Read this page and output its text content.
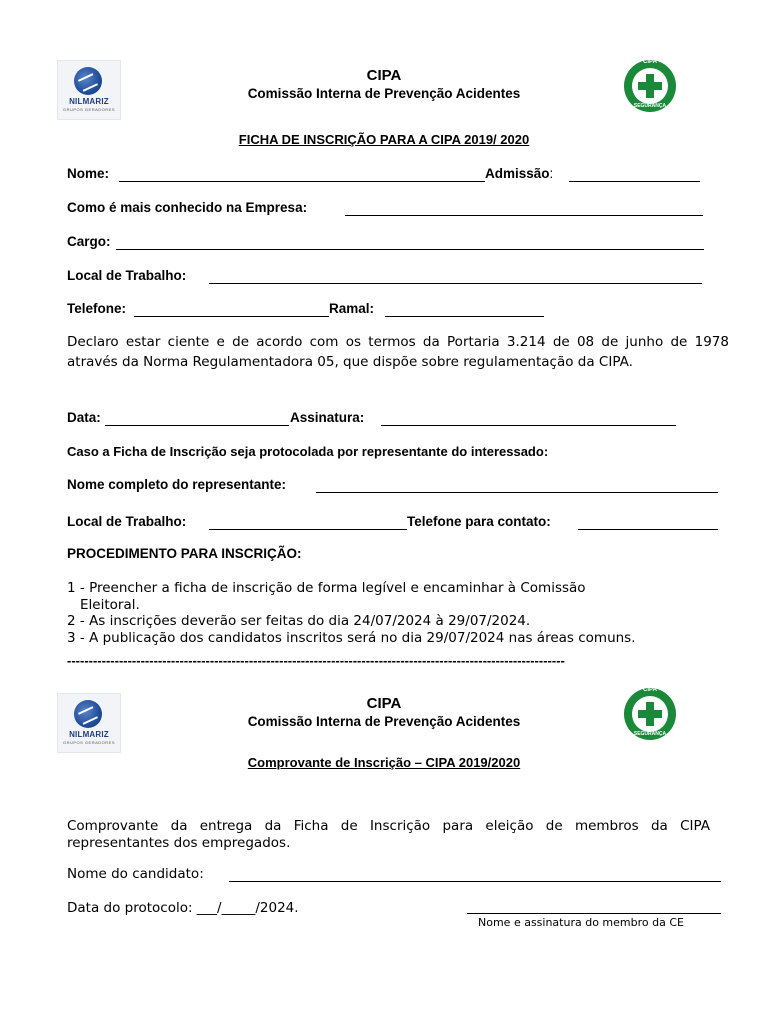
NILMARIZ
GRUPOS GERADORES
CIPA
Comissão Interna de Prevenção Acidentes
CIPA
SEGURANÇA
FICHA DE INSCRIÇÃO PARA A CIPA 2019/ 2020
Nome:	Admissão:
Como é mais conhecido na Empresa:
Cargo:
Local de Trabalho:
Telefone:	Ramal:
Declaro estar ciente e de acordo com os termos da Portaria 3.214 de 08 de junho de 1978 através da Norma Regulamentadora 05, que dispõe sobre regulamentação da CIPA.
Data:	Assinatura:
Caso a Ficha de Inscrição seja protocolada por representante do interessado:
Nome completo do representante:
Local de Trabalho:	Telefone para contato:
PROCEDIMENTO PARA INSCRIÇÃO:
1 - Preencher a ficha de inscrição de forma legível e encaminhar à Comissão
Eleitoral.
2 - As inscrições deverão ser feitas do dia 24/07/2024 à 29/07/2024.
3 - A publicação dos candidatos inscritos será no dia 29/07/2024 nas áreas comuns.
-------------------------------------------------------------------------------------------------------------------
NILMARIZ
GRUPOS GERADORES
CIPA
Comissão Interna de Prevenção Acidentes
CIPA
SEGURANÇA
Comprovante de Inscrição – CIPA 2019/2020
Comprovante da entrega da Ficha de Inscrição para eleição de membros da CIPA representantes dos empregados.
Nome do candidato:
Data do protocolo: ___/_____/2024.
Nome e assinatura do membro da CE
